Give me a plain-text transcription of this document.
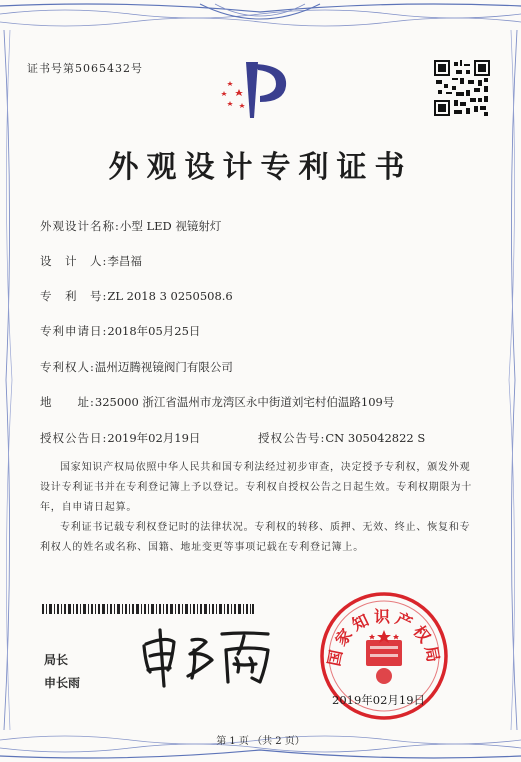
证书号第5065432号
外观设计专利证书
外观设计名称:小型 LED 视镜射灯
设　计　人:李昌福
专　利　号:ZL 2018 3 0250508.6
专利申请日:2018年05月25日
专利权人:温州迈腾视镜阀门有限公司
地　　址:325000 浙江省温州市龙湾区永中街道刘宅村伯温路109号
授权公告日:2019年02月19日	授权公告号:CN 305042822 S
国家知识产权局依照中华人民共和国专利法经过初步审查，决定授予专利权，颁发外观
设计专利证书并在专利登记簿上予以登记。专利权自授权公告之日起生效。专利权期限为十
年，自申请日起算。
专利证书记载专利权登记时的法律状况。专利权的转移、质押、无效、终止、恢复和专
利权人的姓名或名称、国籍、地址变更等事项记载在专利登记簿上。
局长
申长雨
国家知识产权局
2019年02月19日
第 1 页 （共 2 页）
